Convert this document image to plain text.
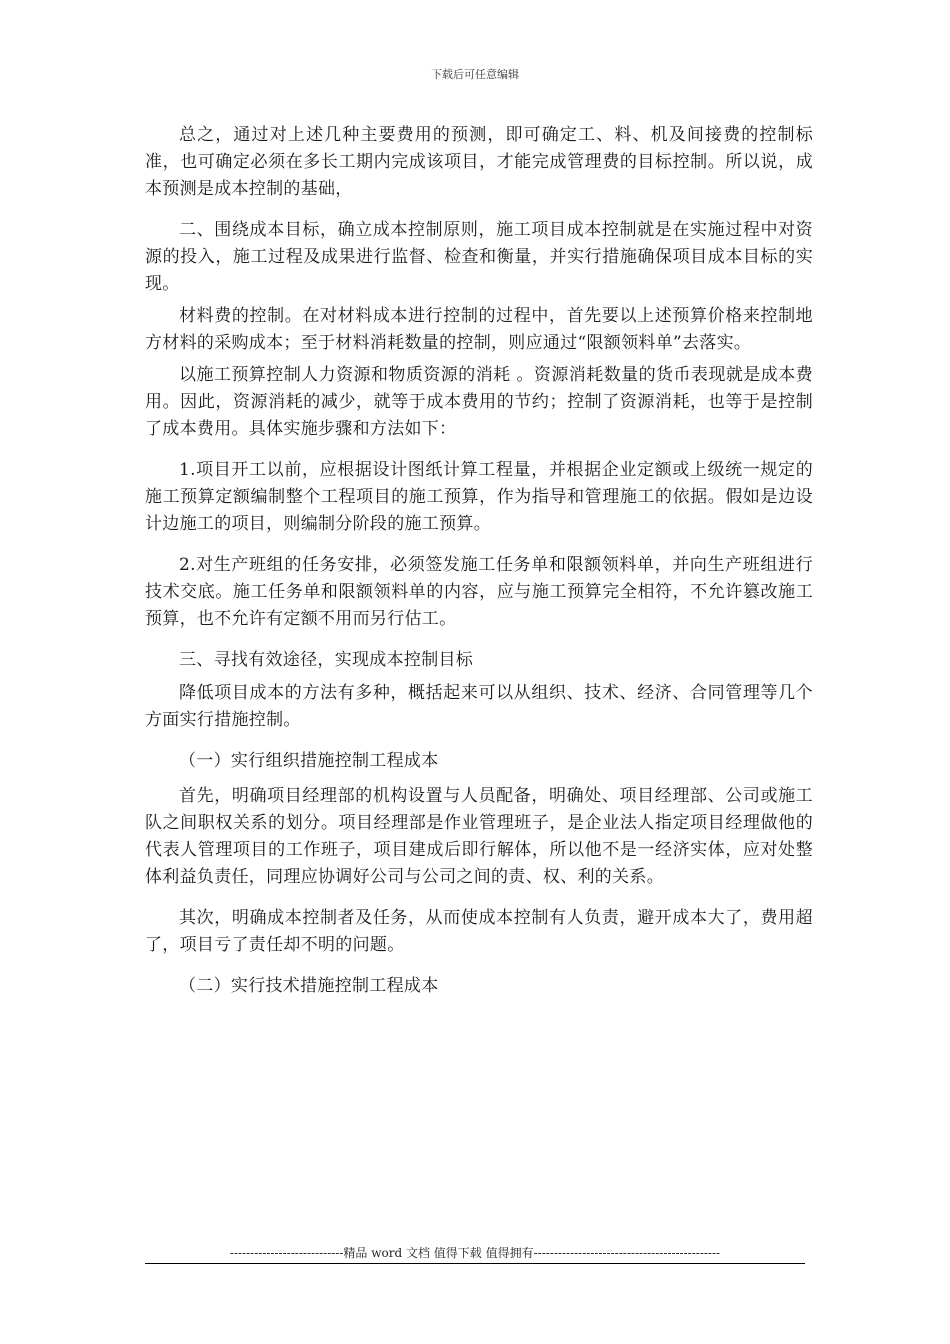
下载后可任意编辑

总之，通过对上述几种主要费用的预测，即可确定工、料、机及间接费的控制标准，也可确定必须在多长工期内完成该项目，才能完成管理费的目标控制。所以说，成本预测是成本控制的基础，

二、围绕成本目标，确立成本控制原则，施工项目成本控制就是在实施过程中对资源的投入，施工过程及成果进行监督、检查和衡量，并实行措施确保项目成本目标的实现。

材料费的控制。在对材料成本进行控制的过程中，首先要以上述预算价格来控制地方材料的采购成本；至于材料消耗数量的控制，则应通过“限额领料单”去落实。

以施工预算控制人力资源和物质资源的消耗 。资源消耗数量的货币表现就是成本费用。因此，资源消耗的减少，就等于成本费用的节约；控制了资源消耗，也等于是控制了成本费用。具体实施步骤和方法如下：

1.项目开工以前，应根据设计图纸计算工程量，并根据企业定额或上级统一规定的施工预算定额编制整个工程项目的施工预算，作为指导和管理施工的依据。假如是边设计边施工的项目，则编制分阶段的施工预算。

2.对生产班组的任务安排，必须签发施工任务单和限额领料单，并向生产班组进行技术交底。施工任务单和限额领料单的内容，应与施工预算完全相符，不允许篡改施工预算，也不允许有定额不用而另行估工。

三、寻找有效途径，实现成本控制目标

降低项目成本的方法有多种，概括起来可以从组织、技术、经济、合同管理等几个方面实行措施控制。

（一）实行组织措施控制工程成本

首先，明确项目经理部的机构设置与人员配备，明确处、项目经理部、公司或施工队之间职权关系的划分。项目经理部是作业管理班子，是企业法人指定项目经理做他的代表人管理项目的工作班子，项目建成后即行解体，所以他不是一经济实体，应对处整体利益负责任，同理应协调好公司与公司之间的责、权、利的关系。

其次，明确成本控制者及任务，从而使成本控制有人负责，避开成本大了，费用超了，项目亏了责任却不明的问题。

（二）实行技术措施控制工程成本

----------------------------精品 word 文档 值得下载 值得拥有----------------------------------------------
